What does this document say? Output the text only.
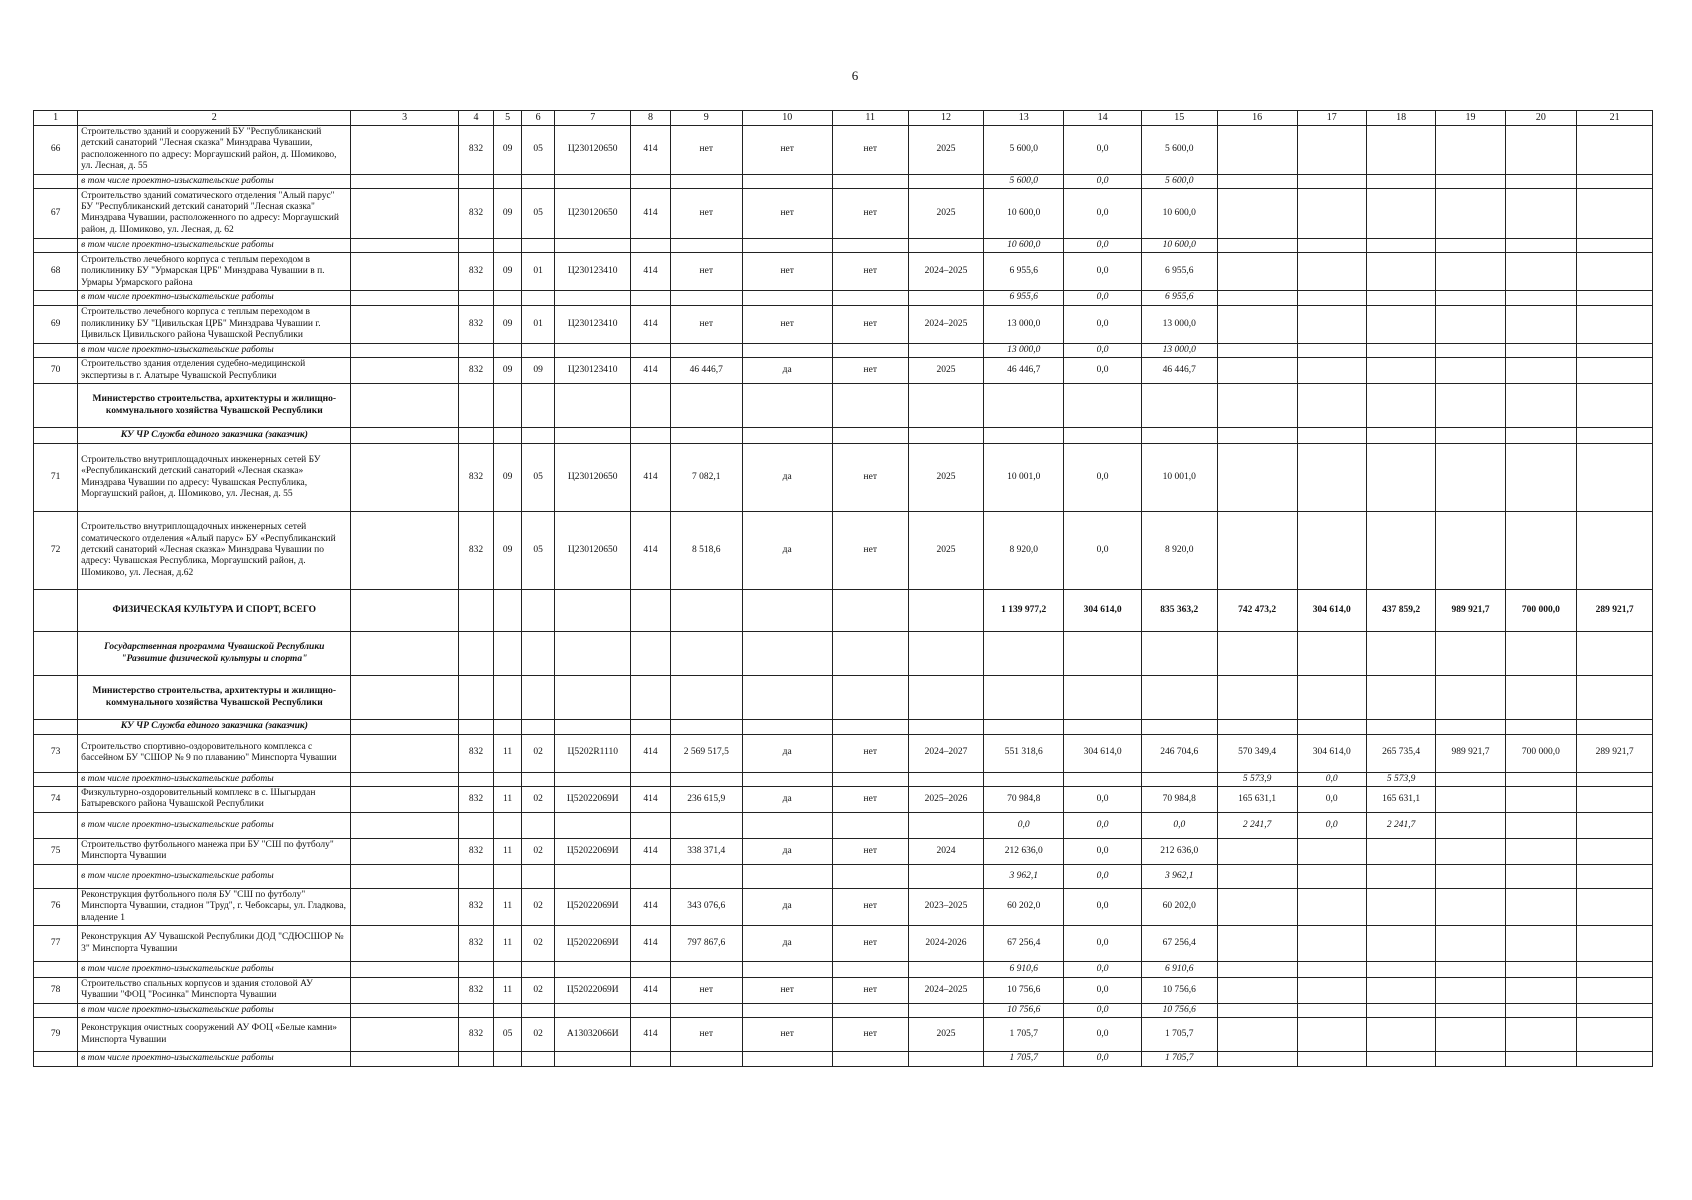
6
1	2	3	4	5	6	7	8	9	10	11	12	13	14	15	16	17	18	19	20	21
66	Строительство зданий и сооружений БУ "Республиканский детский санаторий "Лесная сказка" Минздрава Чувашии, расположенного по адресу: Моргаушский район, д. Шомиково, ул. Лесная, д. 55		832	09	05	Ц230120650	414	нет	нет	нет	2025	5 600,0	0,0	5 600,0						
	в том числе проектно-изыскательские работы											5 600,0	0,0	5 600,0						
67	Строительство зданий соматического отделения "Алый парус" БУ "Республиканский детский санаторий "Лесная сказка" Минздрава Чувашии, расположенного по адресу: Моргаушский район, д. Шомиково, ул. Лесная, д. 62		832	09	05	Ц230120650	414	нет	нет	нет	2025	10 600,0	0,0	10 600,0						
	в том числе проектно-изыскательские работы											10 600,0	0,0	10 600,0						
68	Строительство лечебного корпуса с теплым переходом в поликлинику БУ "Урмарская ЦРБ" Минздрава Чувашии в п. Урмары Урмарского района		832	09	01	Ц230123410	414	нет	нет	нет	2024–2025	6 955,6	0,0	6 955,6						
	в том числе проектно-изыскательские работы											6 955,6	0,0	6 955,6						
69	Строительство лечебного корпуса с теплым переходом в поликлинику БУ "Цивильская ЦРБ" Минздрава Чувашии г. Цивильск Цивильского района Чувашской Республики		832	09	01	Ц230123410	414	нет	нет	нет	2024–2025	13 000,0	0,0	13 000,0						
	в том числе проектно-изыскательские работы											13 000,0	0,0	13 000,0						
70	Строительство здания отделения судебно-медицинской экспертизы в г. Алатыре Чувашской Республики		832	09	09	Ц230123410	414	46 446,7	да	нет	2025	46 446,7	0,0	46 446,7						
	Министерство строительства, архитектуры и жилищно-коммунального хозяйства Чувашской Республики																			
	КУ ЧР Служба единого заказчика (заказчик)																			
71	Строительство внутриплощадочных инженерных сетей БУ «Республиканский детский санаторий «Лесная сказка» Минздрава Чувашии по адресу: Чувашская Республика, Моргаушский район, д. Шомиково, ул. Лесная, д. 55		832	09	05	Ц230120650	414	7 082,1	да	нет	2025	10 001,0	0,0	10 001,0						
72	Строительство внутриплощадочных инженерных сетей соматического отделения «Алый парус» БУ «Республиканский детский санаторий «Лесная сказка» Минздрава Чувашии по адресу: Чувашская Республика, Моргаушский район, д. Шомиково, ул. Лесная, д.62		832	09	05	Ц230120650	414	8 518,6	да	нет	2025	8 920,0	0,0	8 920,0						
	ФИЗИЧЕСКАЯ КУЛЬТУРА И СПОРТ, ВСЕГО											1 139 977,2	304 614,0	835 363,2	742 473,2	304 614,0	437 859,2	989 921,7	700 000,0	289 921,7
	Государственная программа Чувашской Республики "Развитие физической культуры и спорта"																			
	Министерство строительства, архитектуры и жилищно-коммунального хозяйства Чувашской Республики																			
	КУ ЧР Служба единого заказчика (заказчик)																			
73	Строительство спортивно-оздоровительного комплекса с бассейном БУ "СШОР № 9 по плаванию" Минспорта Чувашии		832	11	02	Ц5202R1110	414	2 569 517,5	да	нет	2024–2027	551 318,6	304 614,0	246 704,6	570 349,4	304 614,0	265 735,4	989 921,7	700 000,0	289 921,7
	в том числе проектно-изыскательские работы														5 573,9	0,0	5 573,9			
74	Физкультурно-оздоровительный комплекс в с. Шыгырдан Батыревского района Чувашской Республики		832	11	02	Ц52022069И	414	236 615,9	да	нет	2025–2026	70 984,8	0,0	70 984,8	165 631,1	0,0	165 631,1			
	в том числе проектно-изыскательские работы											0,0	0,0	0,0	2 241,7	0,0	2 241,7			
75	Строительство футбольного манежа при БУ "СШ по футболу" Минспорта Чувашии		832	11	02	Ц52022069И	414	338 371,4	да	нет	2024	212 636,0	0,0	212 636,0						
	в том числе проектно-изыскательские работы											3 962,1	0,0	3 962,1						
76	Реконструкция футбольного поля БУ "СШ по футболу" Минспорта Чувашии, стадион "Труд", г. Чебоксары, ул. Гладкова, владение 1		832	11	02	Ц52022069И	414	343 076,6	да	нет	2023–2025	60 202,0	0,0	60 202,0						
77	Реконструкция АУ Чувашской Республики ДОД "СДЮСШОР № 3" Минспорта Чувашии		832	11	02	Ц52022069И	414	797 867,6	да	нет	2024-2026	67 256,4	0,0	67 256,4						
	в том числе проектно-изыскательские работы											6 910,6	0,0	6 910,6						
78	Строительство спальных корпусов и здания столовой АУ Чувашии "ФОЦ "Росинка" Минспорта Чувашии		832	11	02	Ц52022069И	414	нет	нет	нет	2024–2025	10 756,6	0,0	10 756,6						
	в том числе проектно-изыскательские работы											10 756,6	0,0	10 756,6						
79	Реконструкция очистных сооружений АУ ФОЦ «Белые камни» Минспорта Чувашии		832	05	02	А13032066И	414	нет	нет	нет	2025	1 705,7	0,0	1 705,7						
	в том числе проектно-изыскательские работы											1 705,7	0,0	1 705,7						
